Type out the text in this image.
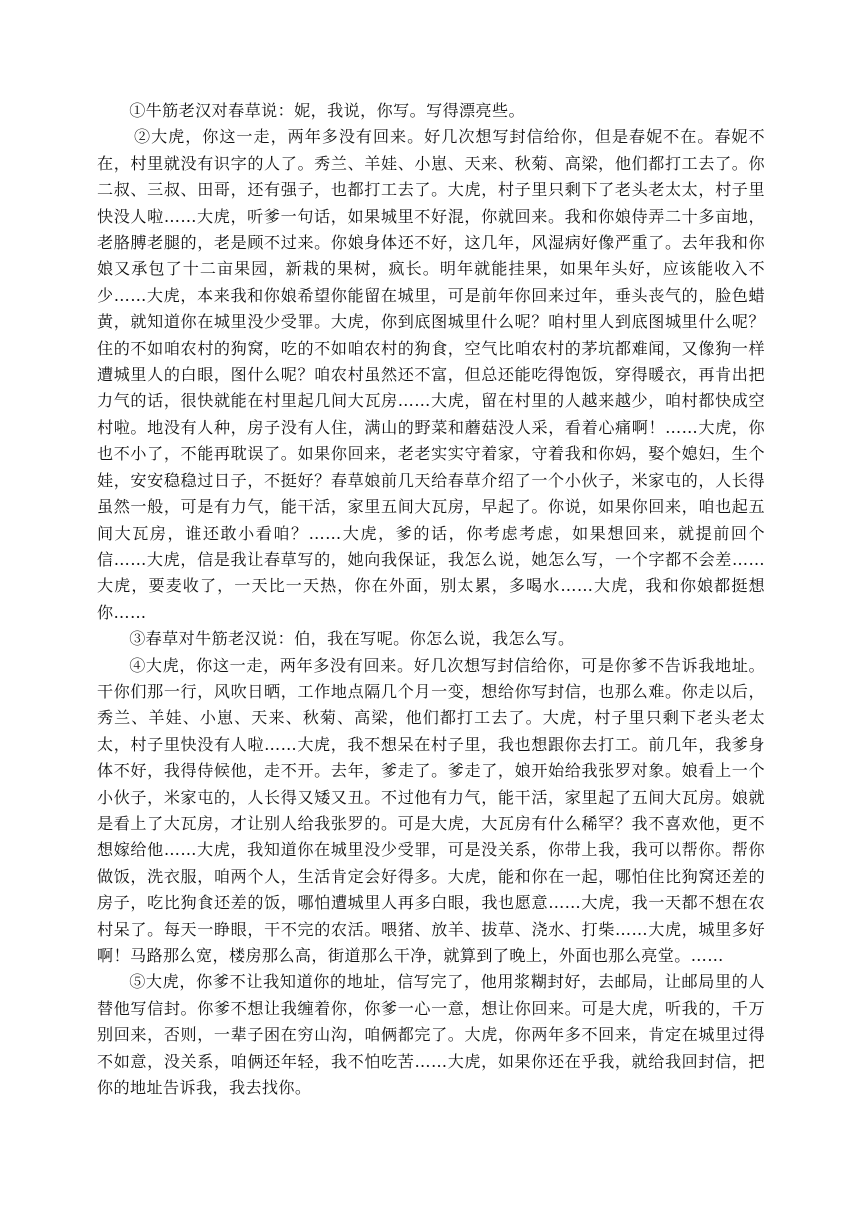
①牛筋老汉对春草说：妮，我说，你写。写得漂亮些。

②大虎，你这一走，两年多没有回来。好几次想写封信给你，但是春妮不在。春妮不在，村里就没有识字的人了。秀兰、羊娃、小崽、天来、秋菊、高梁，他们都打工去了。你二叔、三叔、田哥，还有强子，也都打工去了。大虎，村子里只剩下了老头老太太，村子里快没人啦……大虎，听爹一句话，如果城里不好混，你就回来。我和你娘侍弄二十多亩地，老胳膊老腿的，老是顾不过来。你娘身体还不好，这几年，风湿病好像严重了。去年我和你娘又承包了十二亩果园，新栽的果树，疯长。明年就能挂果，如果年头好，应该能收入不少……大虎，本来我和你娘希望你能留在城里，可是前年你回来过年，垂头丧气的，脸色蜡黄，就知道你在城里没少受罪。大虎，你到底图城里什么呢？咱村里人到底图城里什么呢？住的不如咱农村的狗窝，吃的不如咱农村的狗食，空气比咱农村的茅坑都难闻，又像狗一样遭城里人的白眼，图什么呢？咱农村虽然还不富，但总还能吃得饱饭，穿得暖衣，再肯出把力气的话，很快就能在村里起几间大瓦房……大虎，留在村里的人越来越少，咱村都快成空村啦。地没有人种，房子没有人住，满山的野菜和蘑菇没人采，看着心痛啊！……大虎，你也不小了，不能再耽误了。如果你回来，老老实实守着家，守着我和你妈，娶个媳妇，生个娃，安安稳稳过日子，不挺好？春草娘前几天给春草介绍了一个小伙子，米家屯的，人长得虽然一般，可是有力气，能干活，家里五间大瓦房，早起了。你说，如果你回来，咱也起五间大瓦房，谁还敢小看咱？……大虎，爹的话，你考虑考虑，如果想回来，就提前回个信……大虎，信是我让春草写的，她向我保证，我怎么说，她怎么写，一个字都不会差……大虎，要麦收了，一天比一天热，你在外面，别太累，多喝水……大虎，我和你娘都挺想你……

③春草对牛筋老汉说：伯，我在写呢。你怎么说，我怎么写。

④大虎，你这一走，两年多没有回来。好几次想写封信给你，可是你爹不告诉我地址。干你们那一行，风吹日晒，工作地点隔几个月一变，想给你写封信，也那么难。你走以后，秀兰、羊娃、小崽、天来、秋菊、高梁，他们都打工去了。大虎，村子里只剩下老头老太太，村子里快没有人啦……大虎，我不想呆在村子里，我也想跟你去打工。前几年，我爹身体不好，我得侍候他，走不开。去年，爹走了。爹走了，娘开始给我张罗对象。娘看上一个小伙子，米家屯的，人长得又矮又丑。不过他有力气，能干活，家里起了五间大瓦房。娘就是看上了大瓦房，才让别人给我张罗的。可是大虎，大瓦房有什么稀罕？我不喜欢他，更不想嫁给他……大虎，我知道你在城里没少受罪，可是没关系，你带上我，我可以帮你。帮你做饭，洗衣服，咱两个人，生活肯定会好得多。大虎，能和你在一起，哪怕住比狗窝还差的房子，吃比狗食还差的饭，哪怕遭城里人再多白眼，我也愿意……大虎，我一天都不想在农村呆了。每天一睁眼，干不完的农活。喂猪、放羊、拔草、浇水、打柴……大虎，城里多好啊！马路那么宽，楼房那么高，街道那么干净，就算到了晚上，外面也那么亮堂。……

⑤大虎，你爹不让我知道你的地址，信写完了，他用浆糊封好，去邮局，让邮局里的人替他写信封。你爹不想让我缠着你，你爹一心一意，想让你回来。可是大虎，听我的，千万别回来，否则，一辈子困在穷山沟，咱俩都完了。大虎，你两年多不回来，肯定在城里过得不如意，没关系，咱俩还年轻，我不怕吃苦……大虎，如果你还在乎我，就给我回封信，把你的地址告诉我，我去找你。
